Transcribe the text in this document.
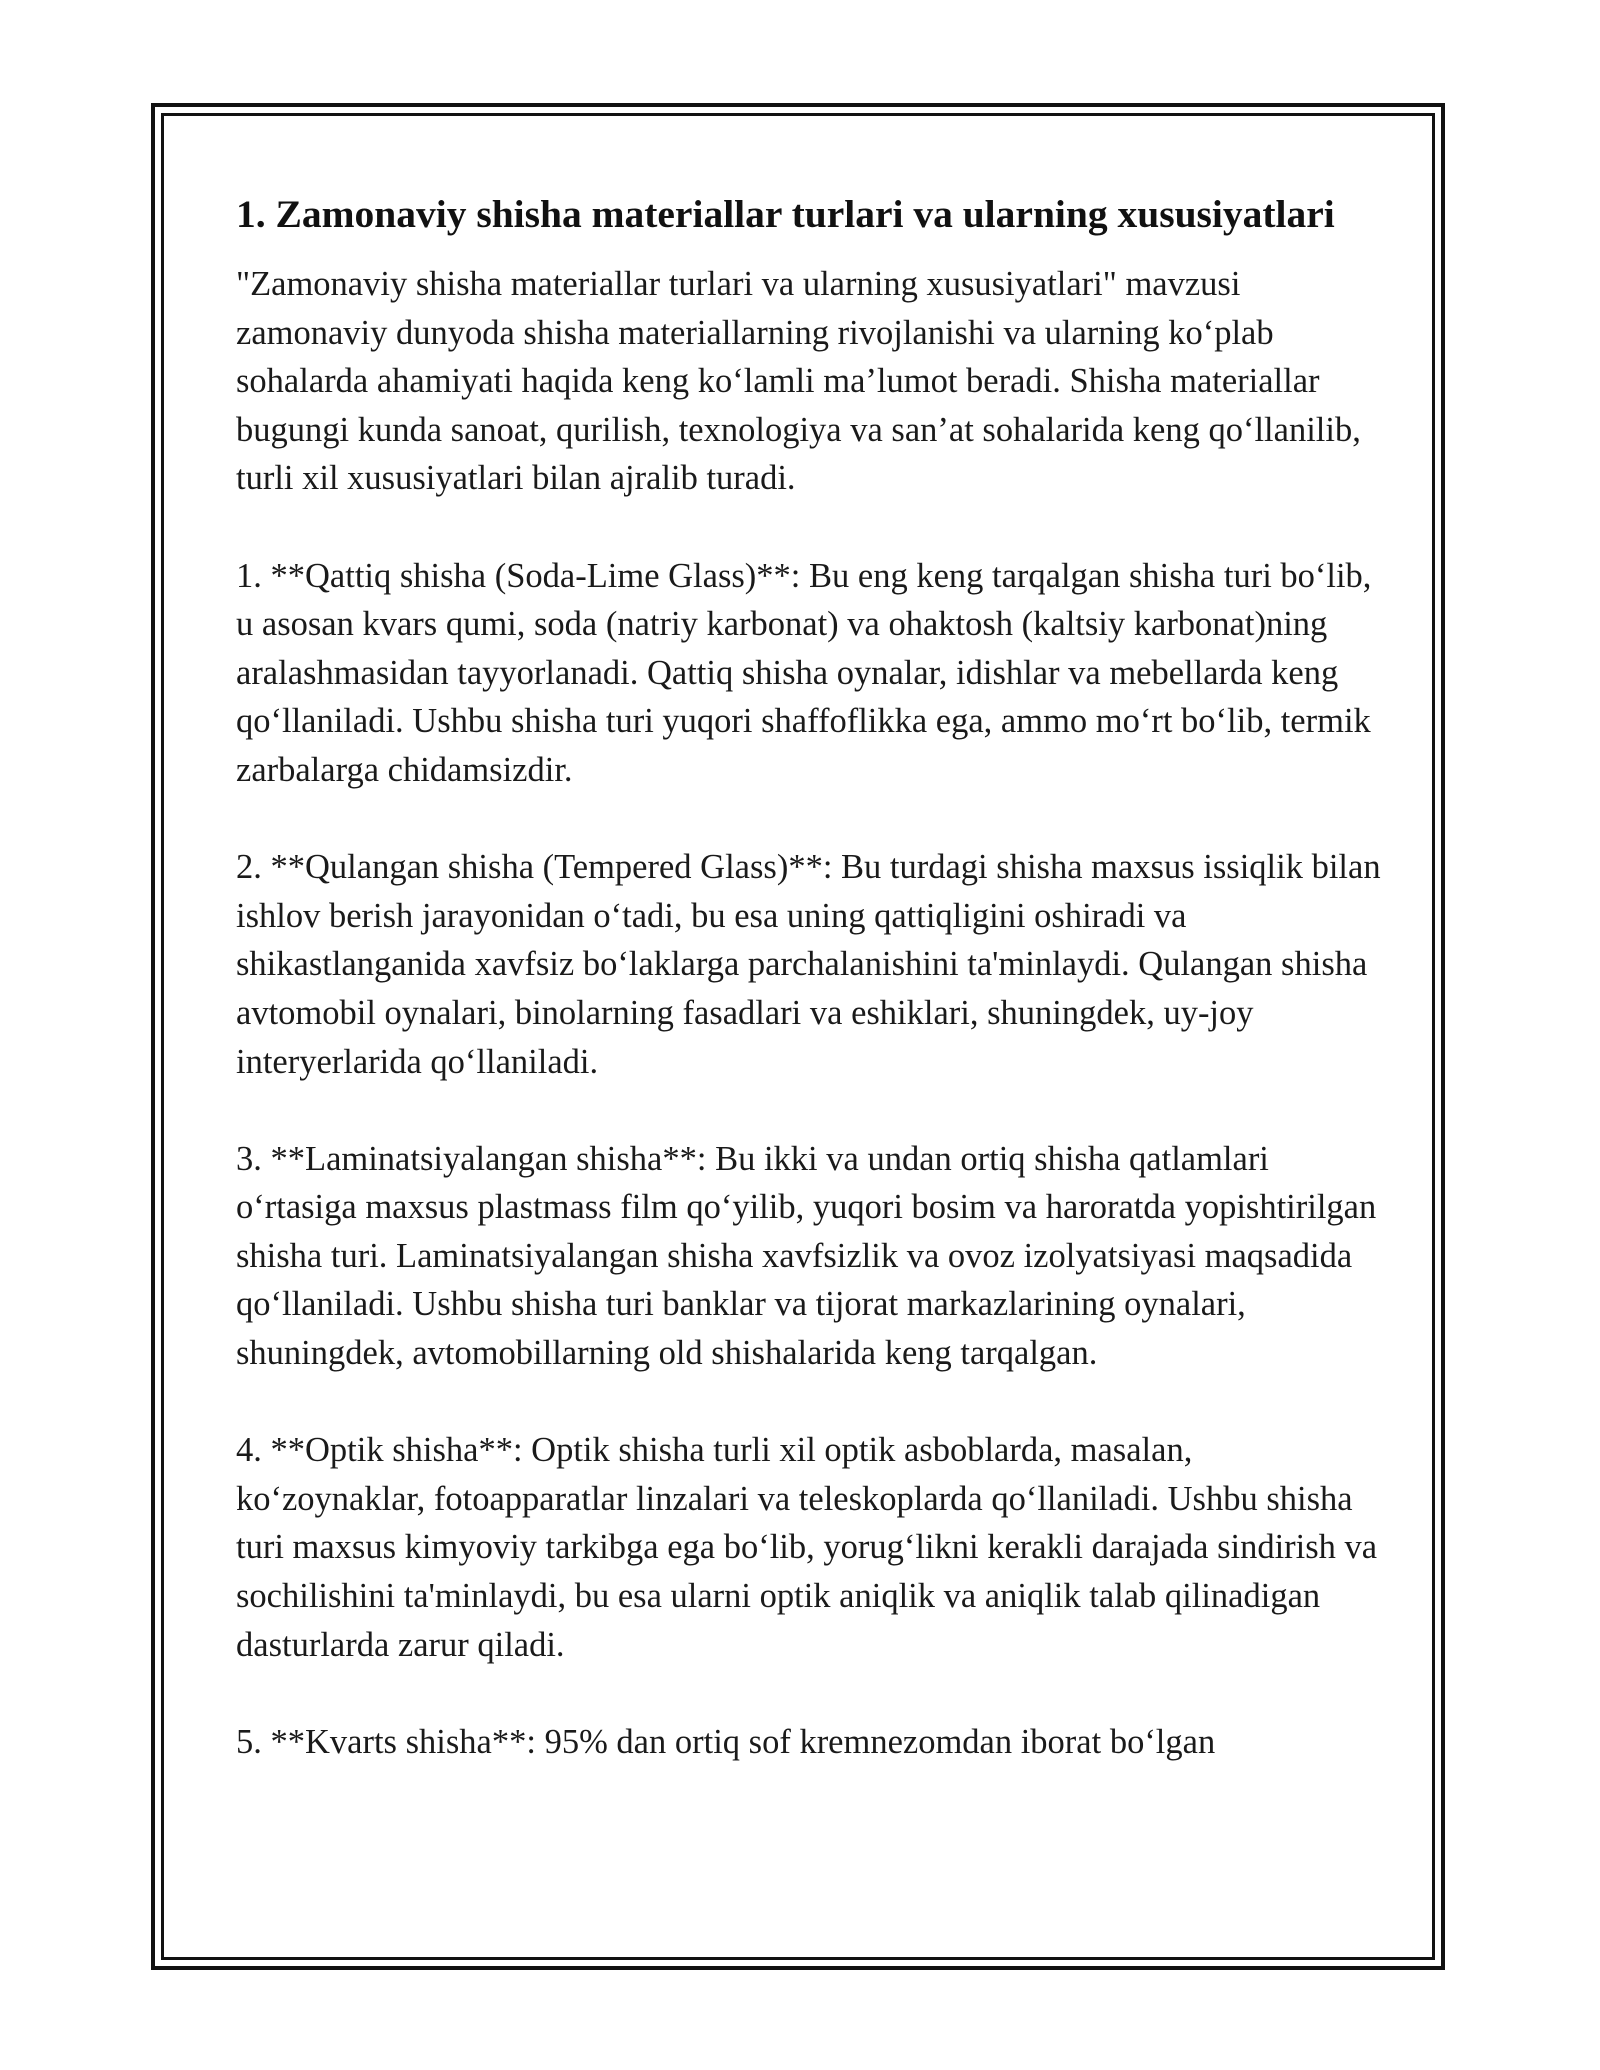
1. Zamonaviy shisha materiallar turlari va ularning xususiyatlari

"Zamonaviy shisha materiallar turlari va ularning xususiyatlari" mavzusi zamonaviy dunyoda shisha materiallarning rivojlanishi va ularning ko‘plab sohalarda ahamiyati haqida keng ko‘lamli ma’lumot beradi. Shisha materiallar bugungi kunda sanoat, qurilish, texnologiya va san’at sohalarida keng qo‘llanilib, turli xil xususiyatlari bilan ajralib turadi.

1. **Qattiq shisha (Soda-Lime Glass)**: Bu eng keng tarqalgan shisha turi bo‘lib, u asosan kvars qumi, soda (natriy karbonat) va ohaktosh (kaltsiy karbonat)ning aralashmasidan tayyorlanadi. Qattiq shisha oynalar, idishlar va mebellarda keng qo‘llaniladi. Ushbu shisha turi yuqori shaffoflikka ega, ammo mo‘rt bo‘lib, termik zarbalarga chidamsizdir.

2. **Qulangan shisha (Tempered Glass)**: Bu turdagi shisha maxsus issiqlik bilan ishlov berish jarayonidan o‘tadi, bu esa uning qattiqligini oshiradi va shikastlanganida xavfsiz bo‘laklarga parchalanishini ta'minlaydi. Qulangan shisha avtomobil oynalari, binolarning fasadlari va eshiklari, shuningdek, uy-joy interyerlarida qo‘llaniladi.

3. **Laminatsiyalangan shisha**: Bu ikki va undan ortiq shisha qatlamlari o‘rtasiga maxsus plastmass film qo‘yilib, yuqori bosim va haroratda yopishtirilgan shisha turi. Laminatsiyalangan shisha xavfsizlik va ovoz izolyatsiyasi maqsadida qo‘llaniladi. Ushbu shisha turi banklar va tijorat markazlarining oynalari, shuningdek, avtomobillarning old shishalarida keng tarqalgan.

4. **Optik shisha**: Optik shisha turli xil optik asboblarda, masalan, ko‘zoynaklar, fotoapparatlar linzalari va teleskoplarda qo‘llaniladi. Ushbu shisha turi maxsus kimyoviy tarkibga ega bo‘lib, yorug‘likni kerakli darajada sindirish va sochilishini ta'minlaydi, bu esa ularni optik aniqlik va aniqlik talab qilinadigan dasturlarda zarur qiladi.

5. **Kvarts shisha**: 95% dan ortiq sof kremnezomdan iborat bo‘lgan
